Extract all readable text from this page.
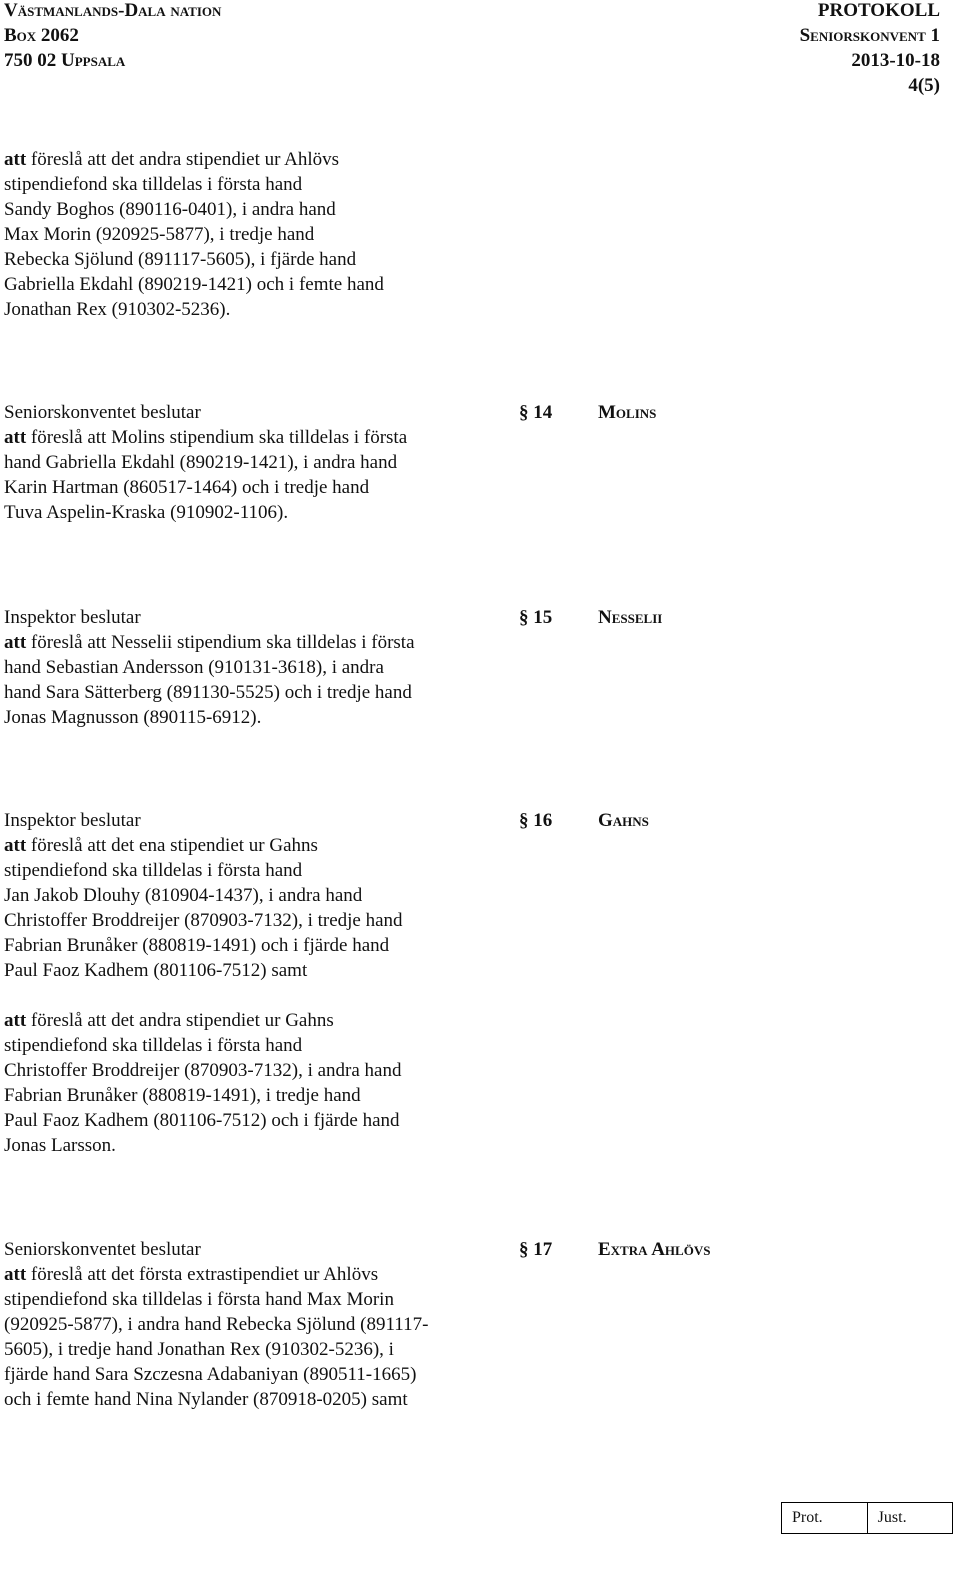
Västmanlands-Dala nation
Box 2062
750 02 Uppsala
PROTOKOLL
Seniorskonvent 1
2013-10-18
4(5)
att föreslå att det andra stipendiet ur Ahlövs
stipendiefond ska tilldelas i första hand
Sandy Boghos (890116-0401), i andra hand
Max Morin (920925-5877), i tredje hand
Rebecka Sjölund (891117-5605), i fjärde hand
Gabriella Ekdahl (890219-1421) och i femte hand
Jonathan Rex (910302-5236).
Seniorskonventet beslutar
att föreslå att Molins stipendium ska tilldelas i första
hand Gabriella Ekdahl (890219-1421), i andra hand
Karin Hartman (860517-1464) och i tredje hand
Tuva Aspelin-Kraska (910902-1106).
§ 14 Molins
Inspektor beslutar
att föreslå att Nesselii stipendium ska tilldelas i första
hand Sebastian Andersson (910131-3618), i andra
hand Sara Sätterberg (891130-5525) och i tredje hand
Jonas Magnusson (890115-6912).
§ 15 Nesselii
Inspektor beslutar
att föreslå att det ena stipendiet ur Gahns
stipendiefond ska tilldelas i första hand
Jan Jakob Dlouhy (810904-1437), i andra hand
Christoffer Broddreijer (870903-7132), i tredje hand
Fabrian Brunåker (880819-1491) och i fjärde hand
Paul Faoz Kadhem (801106-7512) samt
att föreslå att det andra stipendiet ur Gahns
stipendiefond ska tilldelas i första hand
Christoffer Broddreijer (870903-7132), i andra hand
Fabrian Brunåker (880819-1491), i tredje hand
Paul Faoz Kadhem (801106-7512) och i fjärde hand
Jonas Larsson.
§ 16 Gahns
Seniorskonventet beslutar
att föreslå att det första extrastipendiet ur Ahlövs
stipendiefond ska tilldelas i första hand Max Morin
(920925-5877), i andra hand Rebecka Sjölund (891117-
5605), i tredje hand Jonathan Rex (910302-5236), i
fjärde hand Sara Szczesna Adabaniyan (890511-1665)
och i femte hand Nina Nylander (870918-0205) samt
§ 17 Extra Ahlövs
Prot.	Just.
